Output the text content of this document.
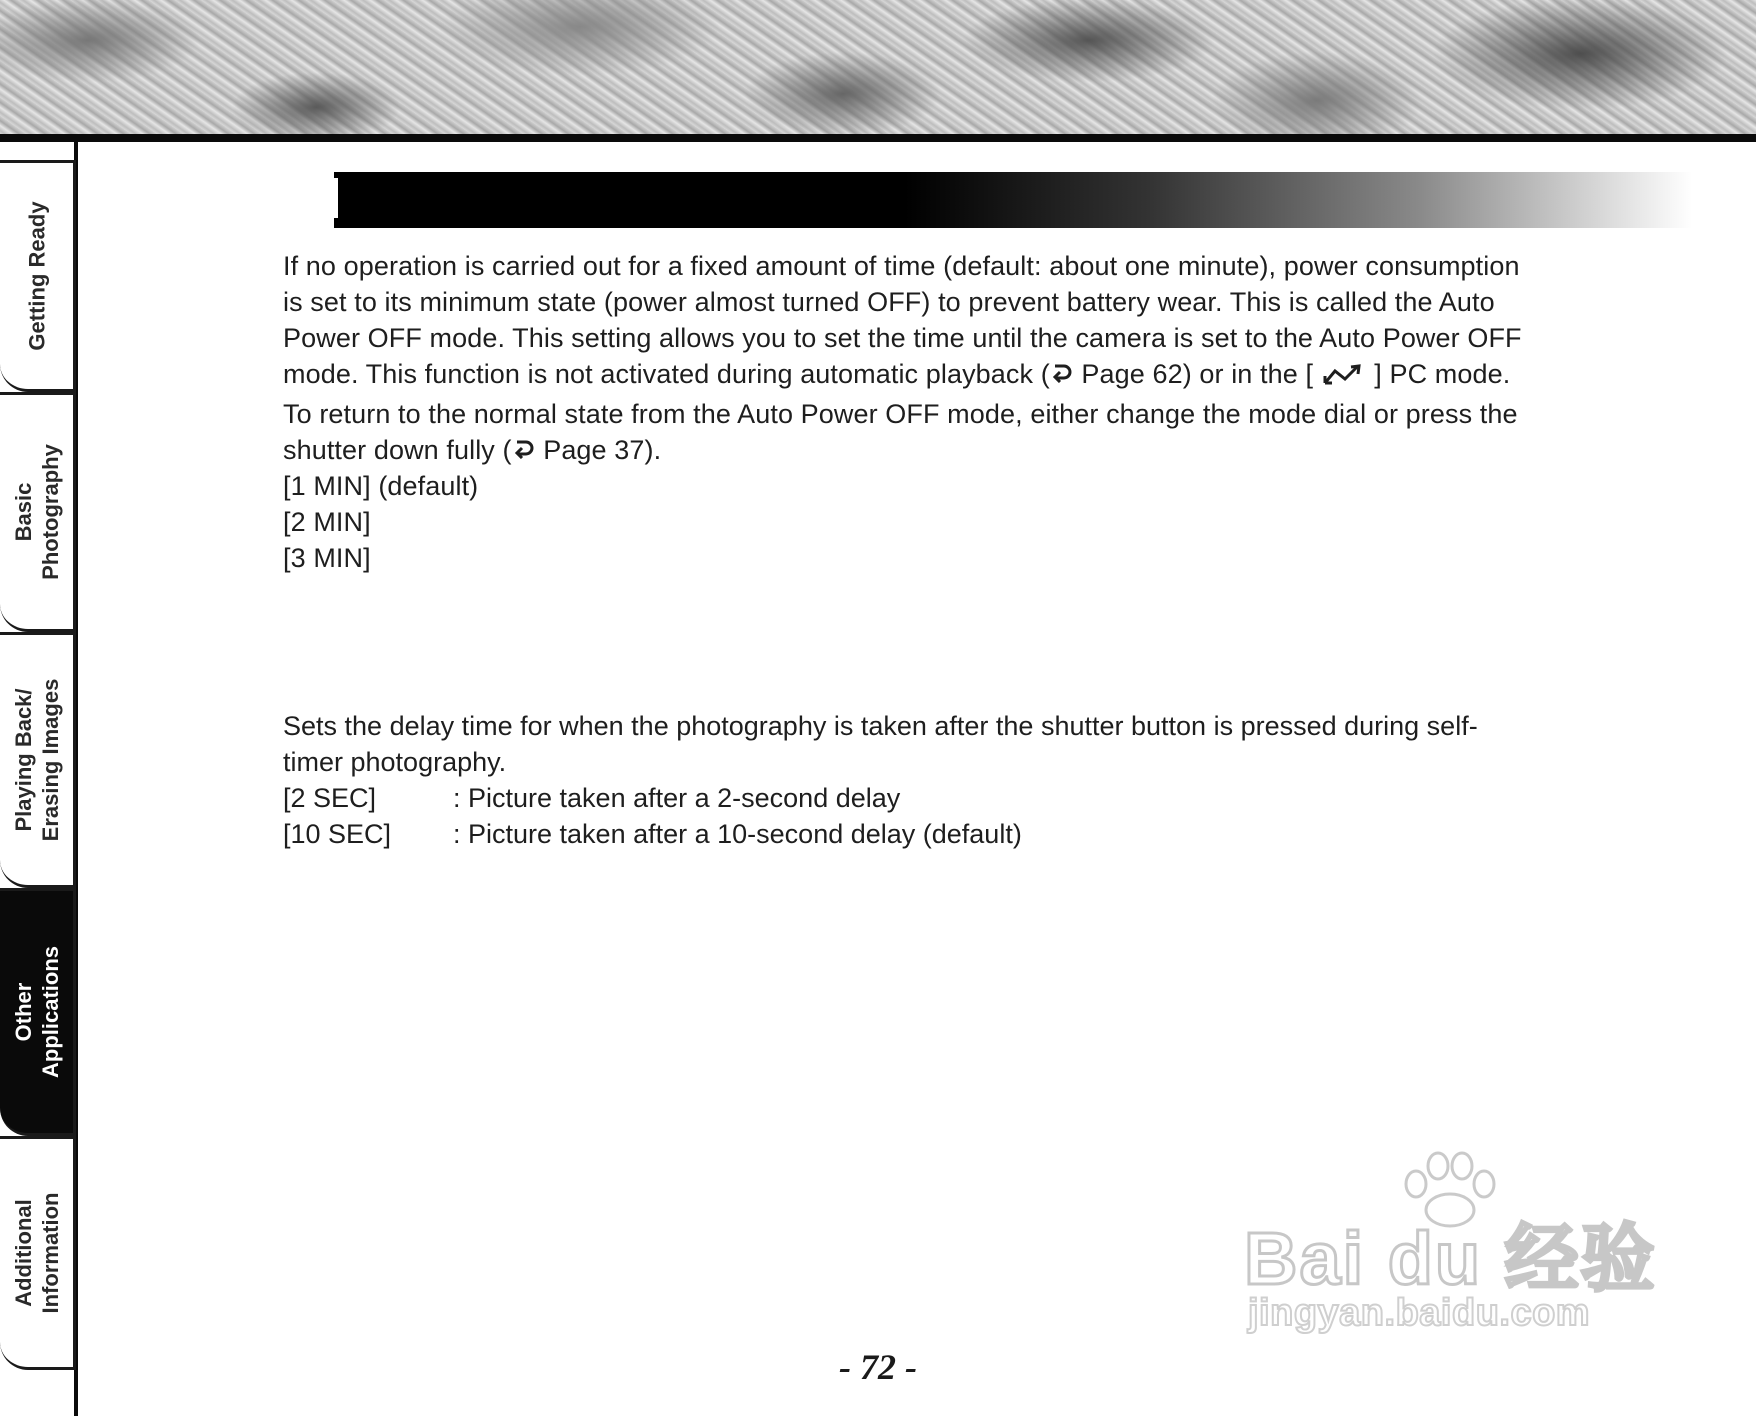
Getting Ready
Basic Photography
Playing Back/ Erasing Images
Other Applications
Additional Information

If no operation is carried out for a fixed amount of time (default: about one minute), power consumption

is set to its minimum state (power almost turned OFF) to prevent battery wear. This is called the Auto

Power OFF mode. This setting allows you to set the time until the camera is set to the Auto Power OFF

mode. This function is not activated during automatic playback ( Page 62) or in the [  ] PC mode.

To return to the normal state from the Auto Power OFF mode, either change the mode dial or press the

shutter down fully ( Page 37).

[1 MIN] (default)

[2 MIN]

[3 MIN]

Sets the delay time for when the photography is taken after the shutter button is pressed during self-
timer photography.
[2 SEC]	: Picture taken after a 2-second delay
[10 SEC]	: Picture taken after a 10-second delay (default)
Bai du 经验
jingyan.baidu.com
- 72 -
